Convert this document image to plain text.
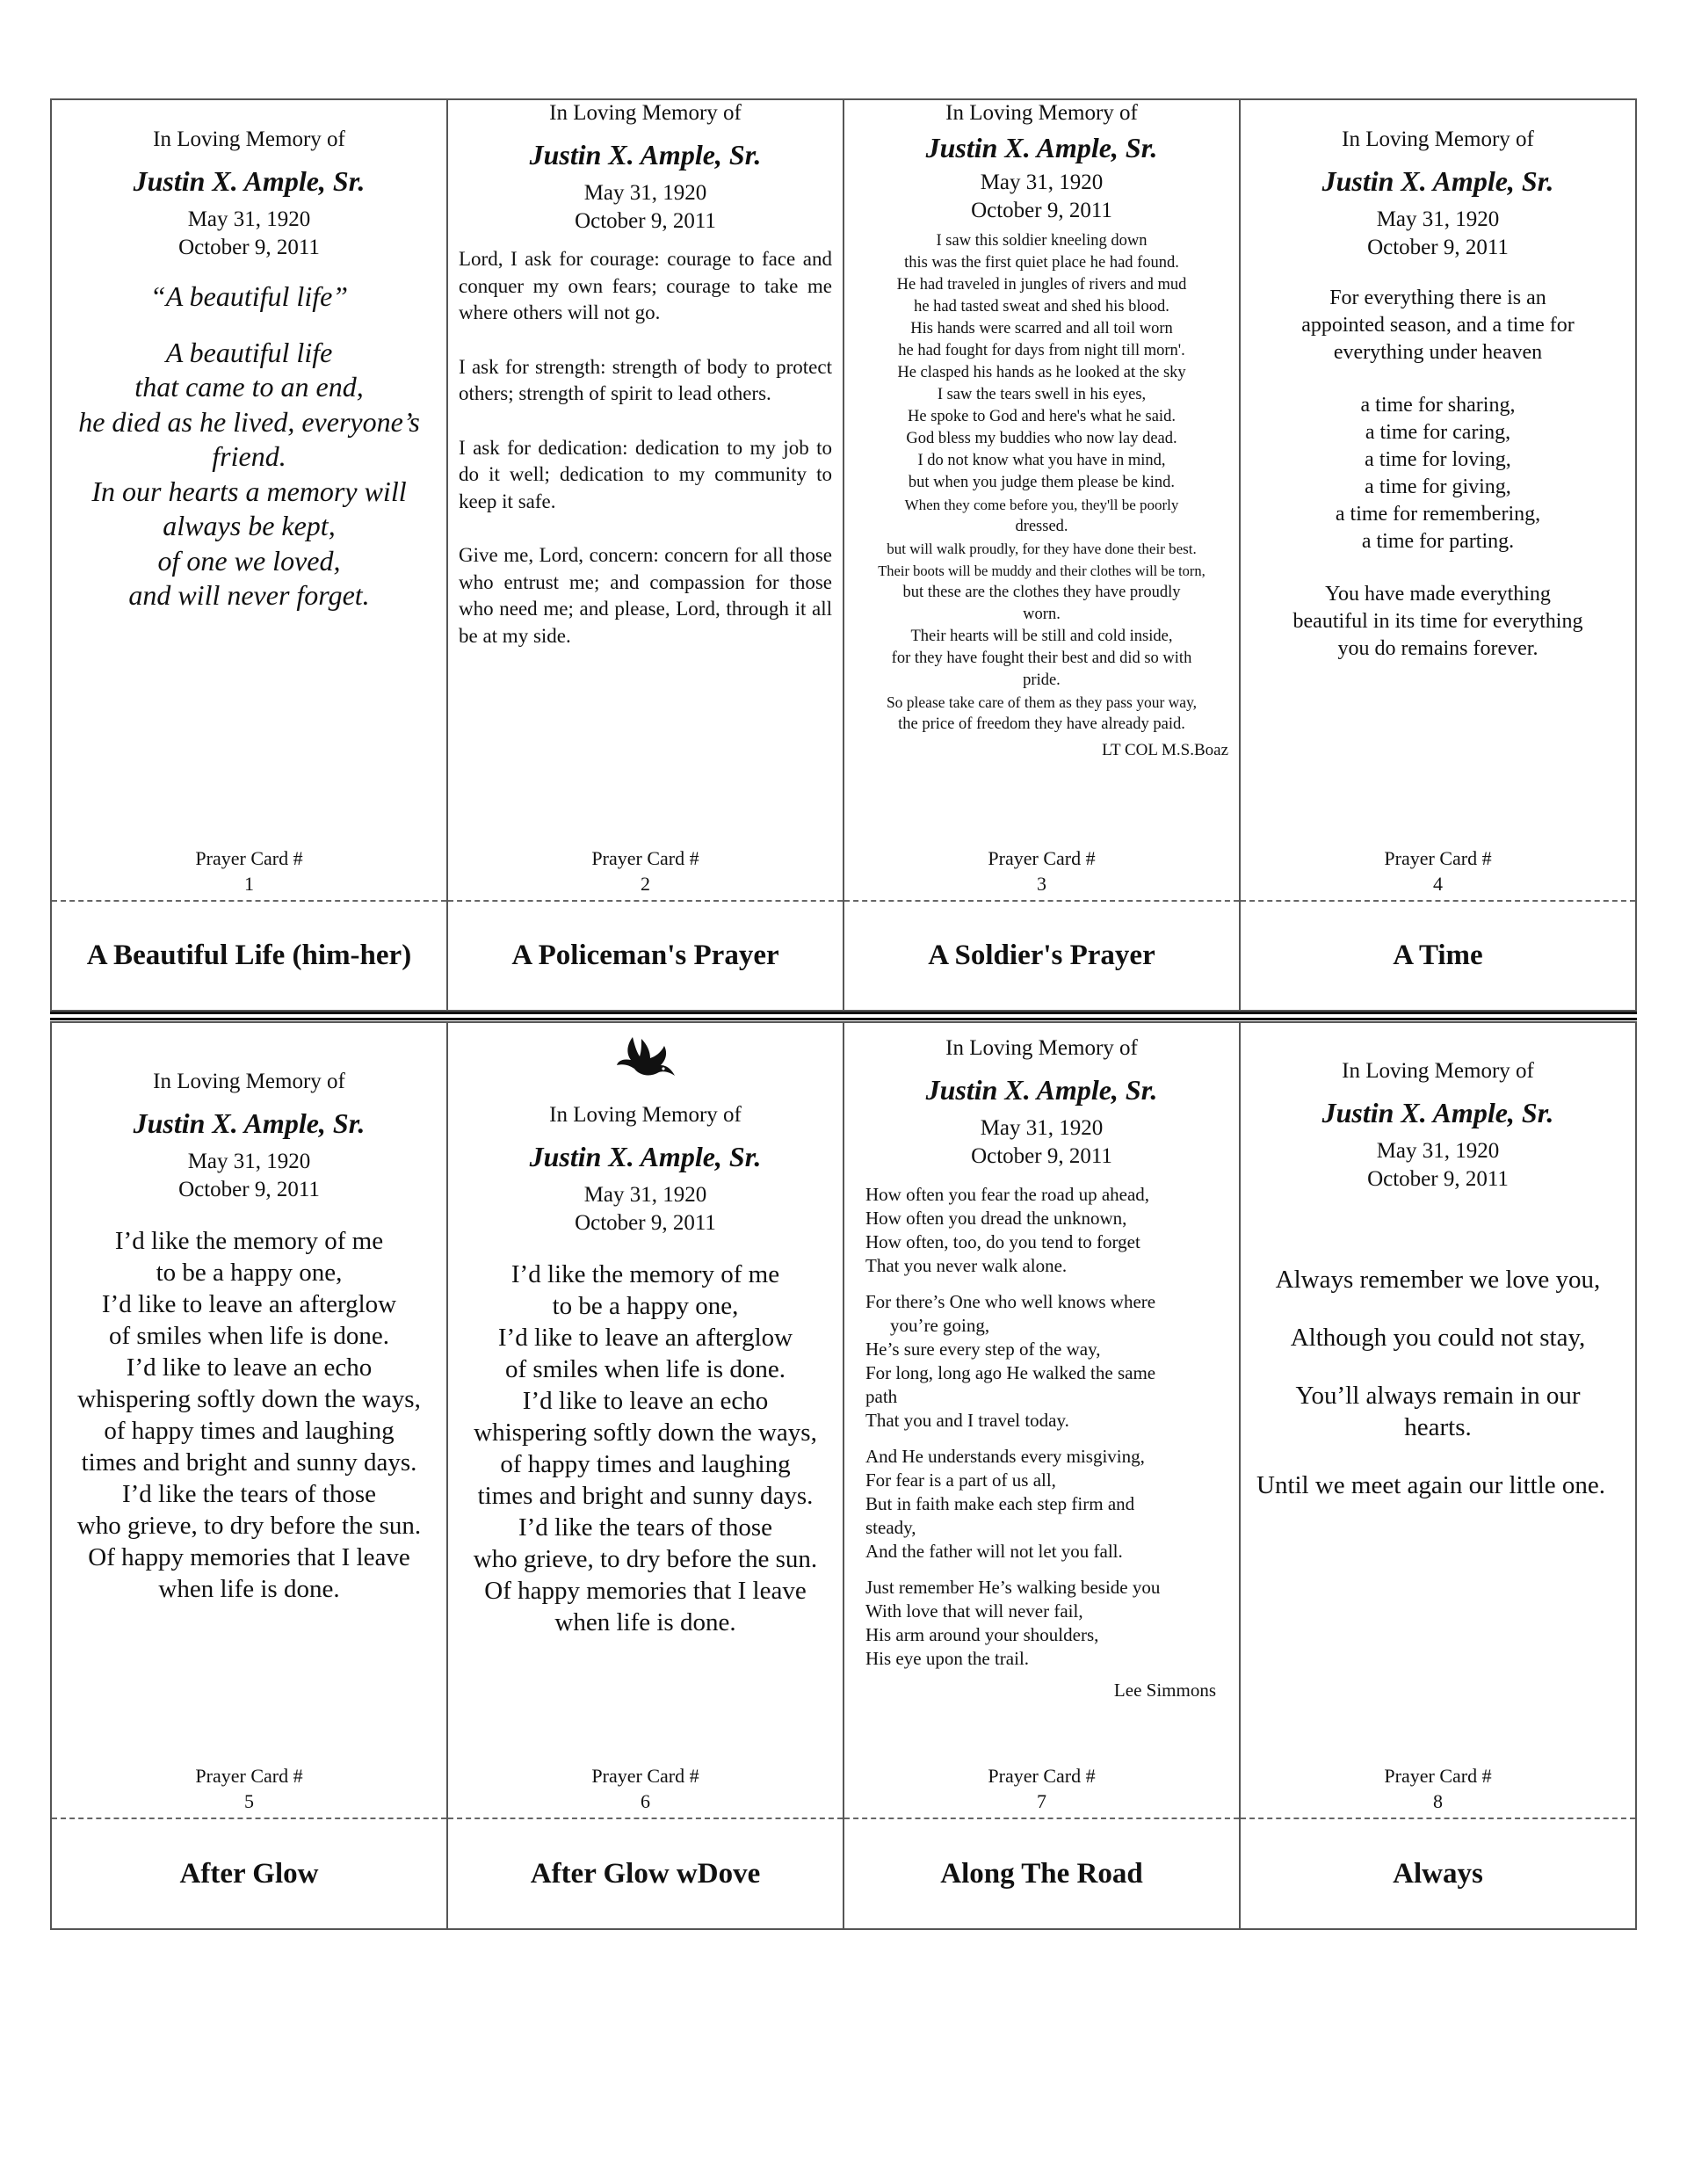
In Loving Memory of
Justin X. Ample, Sr.
May 31, 1920
October 9, 2011
“A beautiful life”
A beautiful life
that came to an end,
he died as he lived, everyone’s
friend.
In our hearts a memory will
always be kept,
of one we loved,
and will never forget.
Prayer Card #
1
A Beautiful Life (him-her)
In Loving Memory of
Justin X. Ample, Sr.
May 31, 1920
October 9, 2011

Lord, I ask for courage: courage to face and conquer my own fears; courage to take me where others will not go.

I ask for strength: strength of body to protect others; strength of spirit to lead others.

I ask for dedication: dedication to my job to do it well; dedication to my community to keep it safe.

Give me, Lord, concern: concern for all those who entrust me; and compassion for those who need me; and please, Lord, through it all be at my side.

Prayer Card #
2
A Policeman's Prayer
In Loving Memory of
Justin X. Ample, Sr.
May 31, 1920
October 9, 2011
I saw this soldier kneeling down
this was the first quiet place he had found.
He had traveled in jungles of rivers and mud
he had tasted sweat and shed his blood.
His hands were scarred and all toil worn
he had fought for days from night till morn'.
He clasped his hands as he looked at the sky
I saw the tears swell in his eyes,
He spoke to God and here's what he said.
God bless my buddies who now lay dead.
I do not know what you have in mind,
but when you judge them please be kind.
When they come before you, they'll be poorly
dressed.
but will walk proudly, for they have done their best.
Their boots will be muddy and their clothes will be torn,
but these are the clothes they have proudly
worn.
Their hearts will be still and cold inside,
for they have fought their best and did so with
pride.
So please take care of them as they pass your way,
the price of freedom they have already paid.
LT COL M.S.Boaz
Prayer Card #
3
A Soldier's Prayer
In Loving Memory of
Justin X. Ample, Sr.
May 31, 1920
October 9, 2011
For everything there is an
appointed season, and a time for
everything under heaven
a time for sharing,
a time for caring,
a time for loving,
a time for giving,
a time for remembering,
a time for parting.
You have made everything
beautiful in its time for everything
you do remains forever.
Prayer Card #
4
A Time
In Loving Memory of
Justin X. Ample, Sr.
May 31, 1920
October 9, 2011
I’d like the memory of me
to be a happy one,
I’d like to leave an afterglow
of smiles when life is done.
I’d like to leave an echo
whispering softly down the ways,
of happy times and laughing
times and bright and sunny days.
I’d like the tears of those
who grieve, to dry before the sun.
Of happy memories that I leave
when life is done.
Prayer Card #
5
After Glow
In Loving Memory of
Justin X. Ample, Sr.
May 31, 1920
October 9, 2011
I’d like the memory of me
to be a happy one,
I’d like to leave an afterglow
of smiles when life is done.
I’d like to leave an echo
whispering softly down the ways,
of happy times and laughing
times and bright and sunny days.
I’d like the tears of those
who grieve, to dry before the sun.
Of happy memories that I leave
when life is done.
Prayer Card #
6
After Glow wDove
In Loving Memory of
Justin X. Ample, Sr.
May 31, 1920
October 9, 2011

How often you fear the road up ahead,
How often you dread the unknown,
How often, too, do you tend to forget
That you never walk alone.

For there’s One who well knows where
you’re going,
He’s sure every step of the way,
For long, long ago He walked the same
path
That you and I travel today.

And He understands every misgiving,
For fear is a part of us all,
But in faith make each step firm and
steady,
And the father will not let you fall.

Just remember He’s walking beside you
With love that will never fail,
His arm around your shoulders,
His eye upon the trail.

Lee Simmons
Prayer Card #
7
Along The Road
In Loving Memory of
Justin X. Ample, Sr.
May 31, 1920
October 9, 2011

Always remember we love you,

Although you could not stay,

You’ll always remain in our hearts.

Until we meet again our little one.

Prayer Card #
8
Always
